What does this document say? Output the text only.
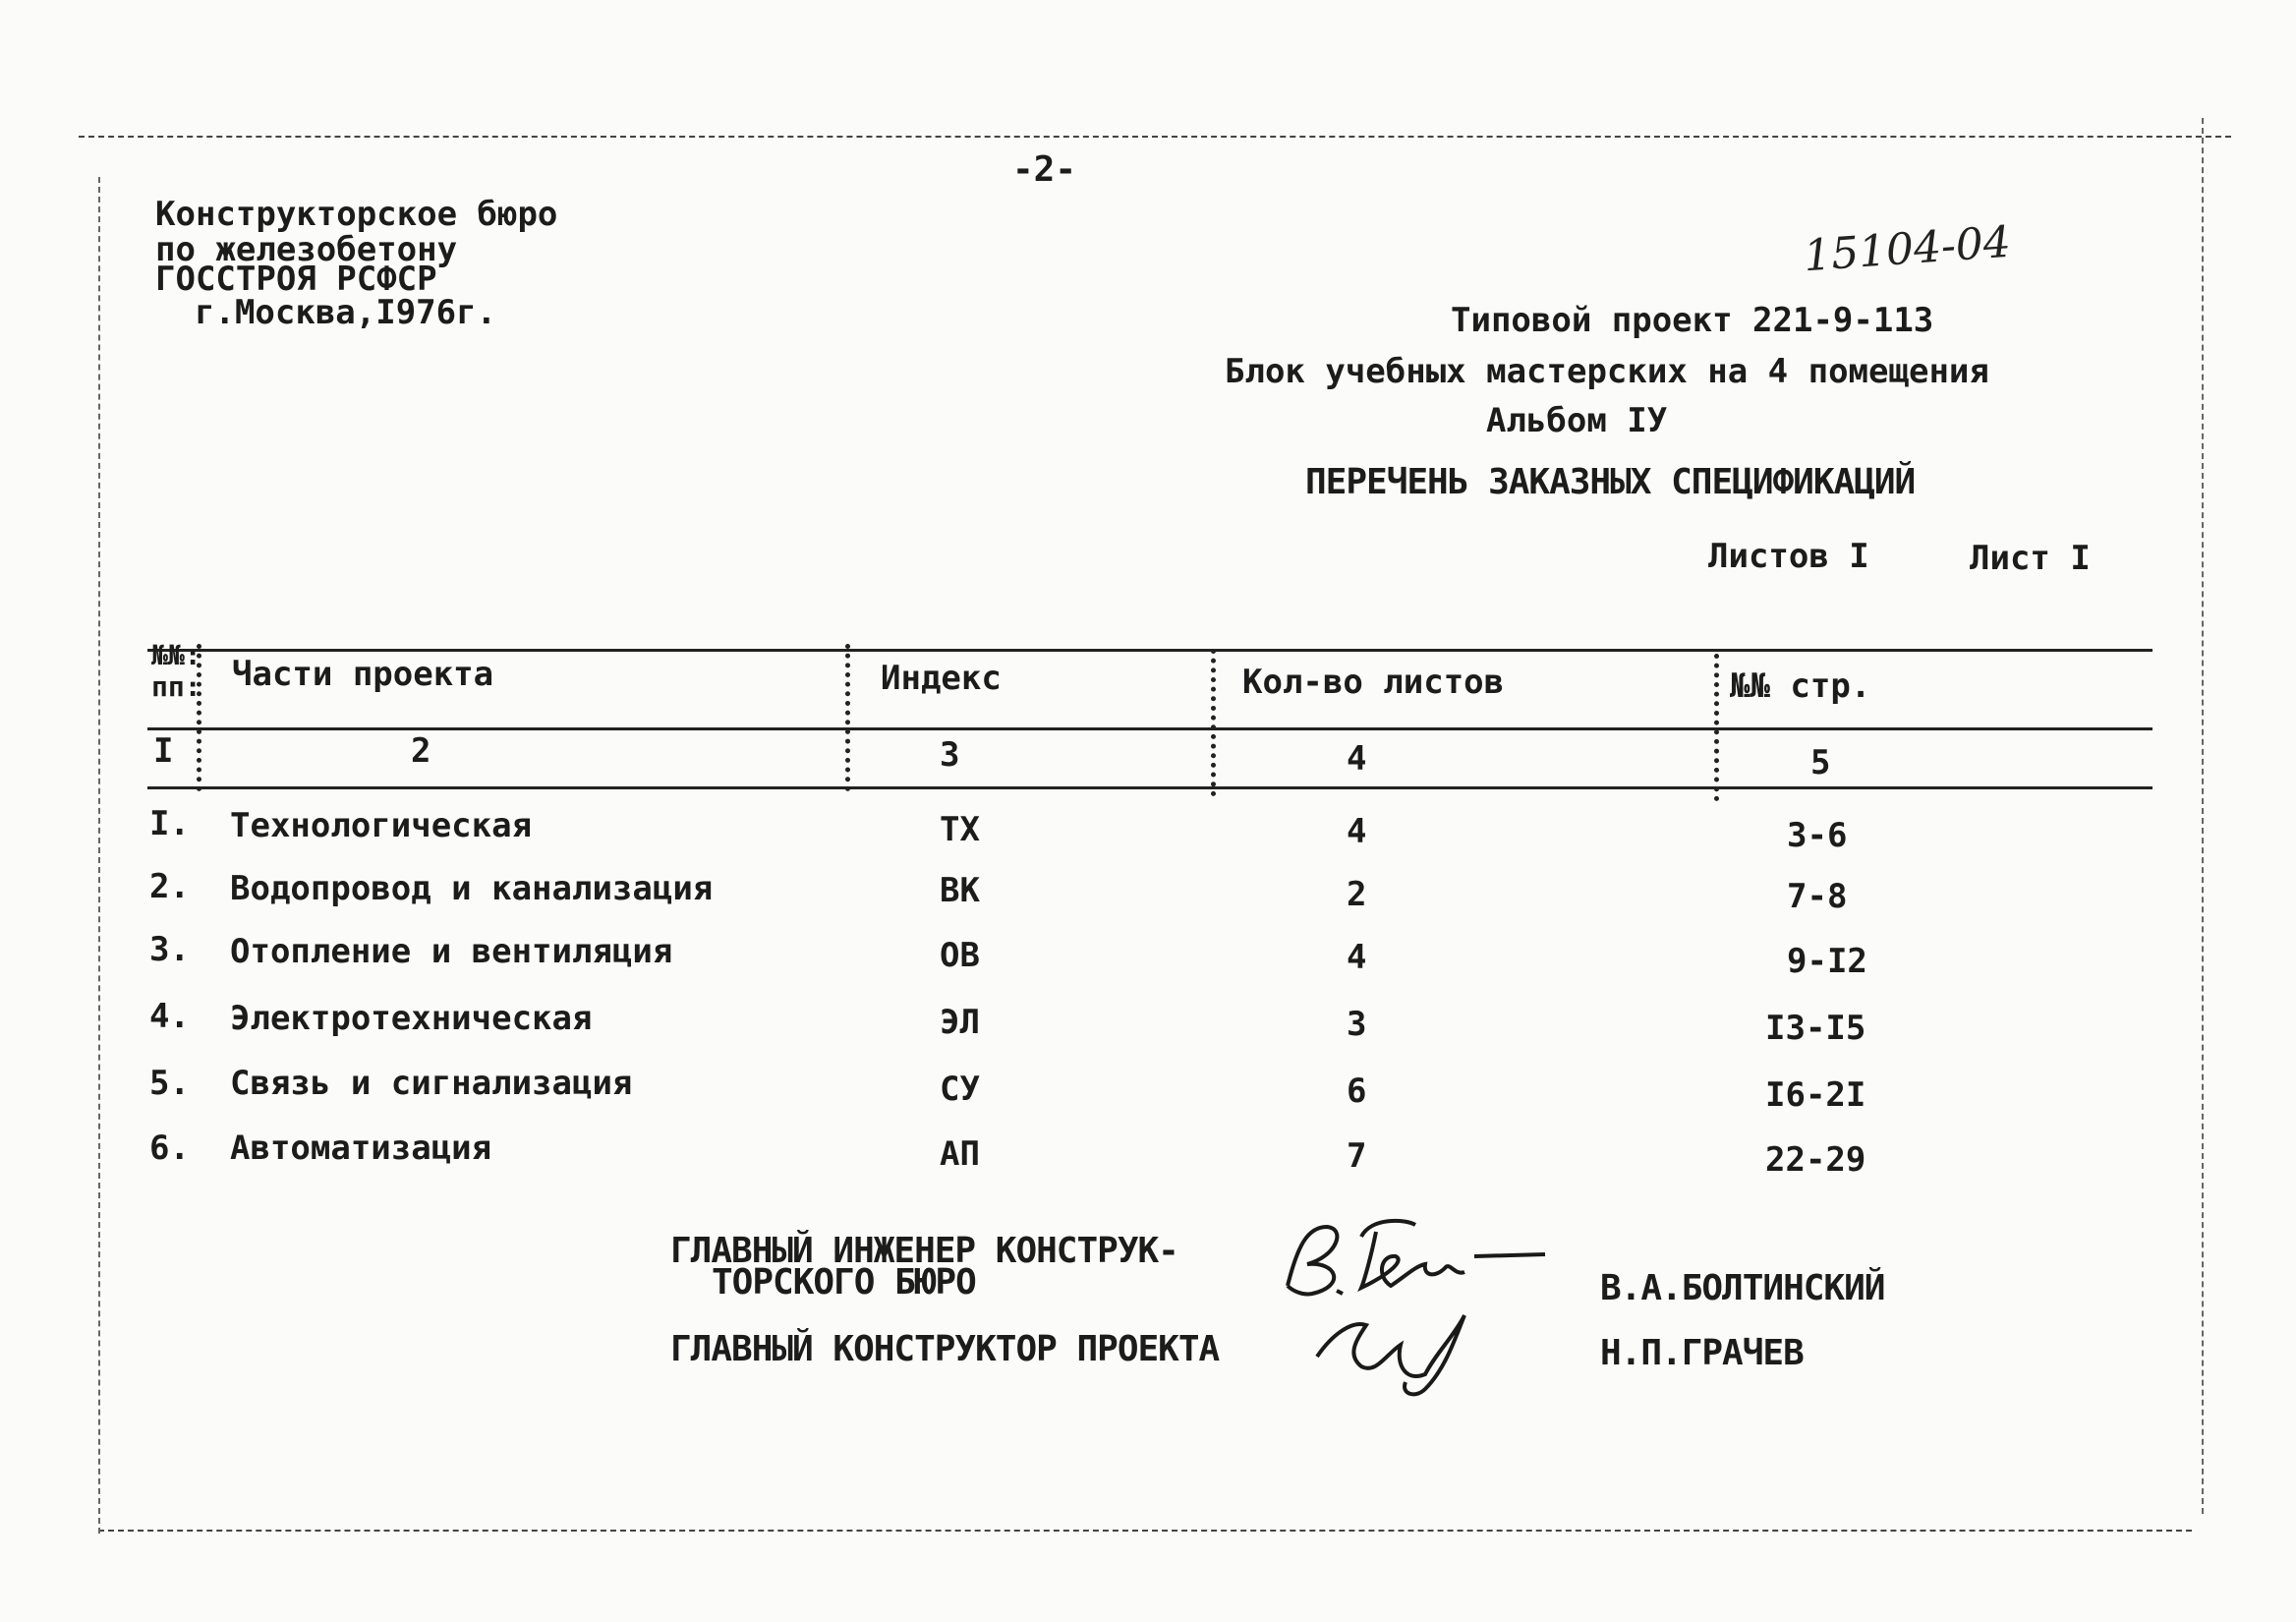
-2-
Конструкторское бюро
по железобетону
ГОССТРОЯ РСФСР
г.Москва,I976г.
15104-04
Типовой проект 221-9-113
Блок учебных мастерских на 4 помещения
Альбом IУ
ПЕРЕЧЕНЬ ЗАКАЗНЫХ СПЕЦИФИКАЦИЙ
Листов I	Лист I
№№:
пп: Части проекта	Индекс	Кол-во листов	№№ стр.
I	2	3	4	5
I. Технологическая	ТХ	4	3-6
2. Водопровод и канализация	ВК	2	7-8
3. Отопление и вентиляция	ОВ	4	9-I2
4. Электротехническая	ЭЛ	3	I3-I5
5. Связь и сигнализация	СУ	6	I6-2I
6. Автоматизация	АП	7	22-29
ГЛАВНЫЙ ИНЖЕНЕР КОНСТРУК-
ТОРСКОГО БЮРО
ГЛАВНЫЙ КОНСТРУКТОР ПРОЕКТА
В.А.БОЛТИНСКИЙ
Н.П.ГРАЧЕВ
